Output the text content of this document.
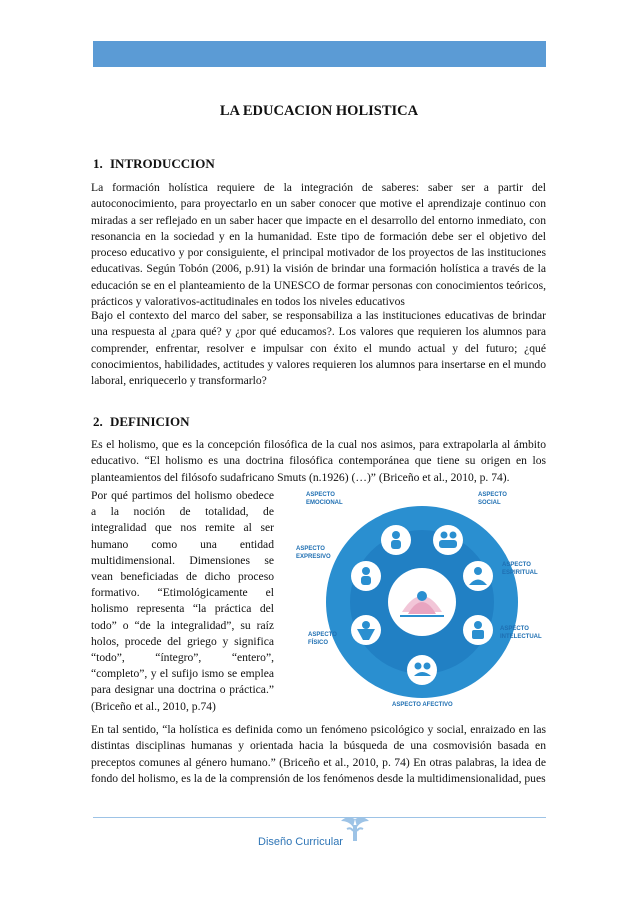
LA EDUCACION HOLISTICA
1. INTRODUCCION
La formación holística requiere de la integración de saberes: saber ser a partir del autoconocimiento, para proyectarlo en un saber conocer que motive el aprendizaje continuo con miradas a ser reflejado en un saber hacer que impacte en el desarrollo del entorno inmediato, con resonancia en la sociedad y en la humanidad. Este tipo de formación debe ser el objetivo del proceso educativo y por consiguiente, el principal motivador de los proyectos de las instituciones educativas. Según Tobón (2006, p.91) la visión de brindar una formación holística a través de la educación se en el planteamiento de la UNESCO de formar personas con conocimientos teóricos, prácticos y valorativos-actitudinales en todos los niveles educativos
Bajo el contexto del marco del saber, se responsabiliza a las instituciones educativas de brindar una respuesta al ¿para qué? y ¿por qué educamos?. Los valores que requieren los alumnos para comprender, enfrentar, resolver e impulsar con éxito el mundo actual y del futuro; ¿qué conocimientos, habilidades, actitudes y valores requieren los alumnos para insertarse en el mundo laboral, enriquecerlo y transformarlo?
2. DEFINICION
Es el holismo, que es la concepción filosófica de la cual nos asimos, para extrapolarla al ámbito educativo. “El holismo es una doctrina filosófica contemporánea que tiene su origen en los planteamientos del filósofo sudafricano Smuts (n.1926) (…)” (Briceño et al., 2010, p. 74).
Por qué partimos del holismo obedece a la noción de totalidad, de integralidad que nos remite al ser humano como una entidad multidimensional. Dimensiones se vean beneficiadas de dicho proceso formativo. “Etimológicamente el holismo representa “la práctica del todo” o “de la integralidad”, su raíz holos, procede del griego y significa “todo”, “íntegro”, “entero”, “completo”, y el sufijo ismo se emplea para designar una doctrina o práctica.” (Briceño et al., 2010, p.74)
ASPECTO
EMOCIONAL
ASPECTO
SOCIAL
ASPECTO
EXPRESIVO
ASPECTO
ESPIRITUAL
ASPECTO
FÍSICO
ASPECTO
INTELECTUAL
ASPECTO AFECTIVO
En tal sentido, “la holística es definida como un fenómeno psicológico y social, enraizado en las distintas disciplinas humanas y orientada hacia la búsqueda de una cosmovisión basada en preceptos comunes al género humano.” (Briceño et al., 2010, p. 74) En otras palabras, la idea de fondo del holismo, es la de la comprensión de los fenómenos desde la multidimensionalidad, pues
Diseño Curricular
